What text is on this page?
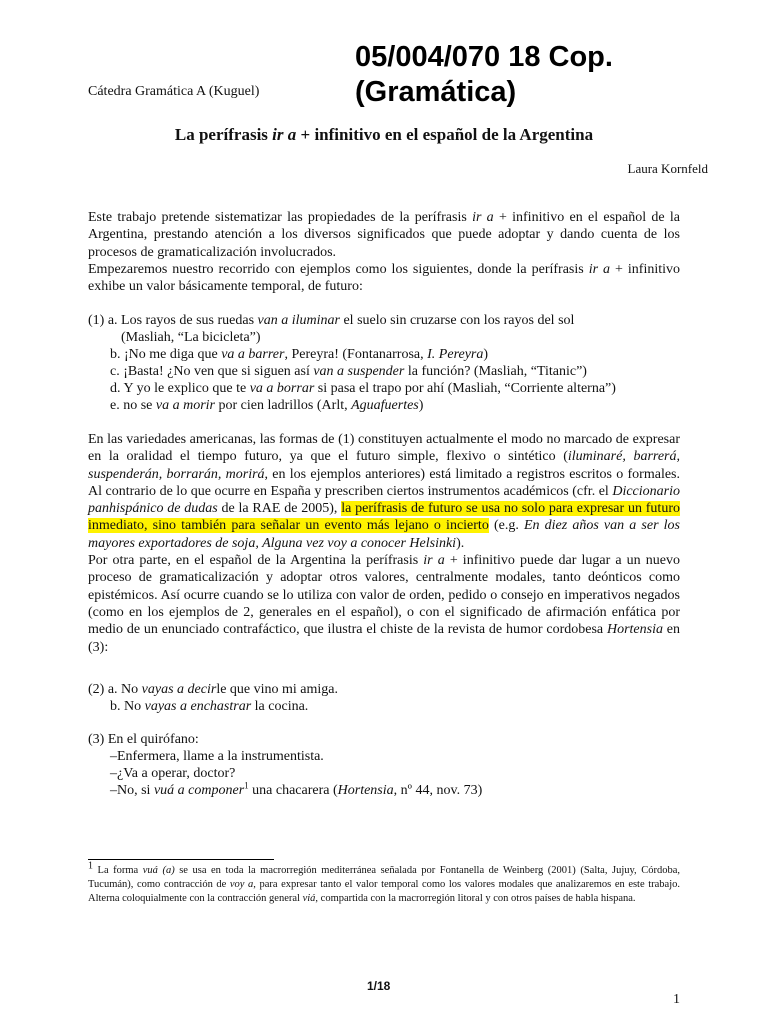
05/004/070 18 Cop.
(Gramática)
Cátedra Gramática A (Kuguel)
La perífrasis ir a + infinitivo en el español de la Argentina
Laura Kornfeld
Este trabajo pretende sistematizar las propiedades de la perífrasis ir a + infinitivo en el español de la Argentina, prestando atención a los diversos significados que puede adoptar y dando cuenta de los procesos de gramaticalización involucrados.
Empezaremos nuestro recorrido con ejemplos como los siguientes, donde la perífrasis ir a + infinitivo exhibe un valor básicamente temporal, de futuro:
(1) a. Los rayos de sus ruedas van a iluminar el suelo sin cruzarse con los rayos del sol
(Masliah, “La bicicleta”)
b. ¡No me diga que va a barrer, Pereyra! (Fontanarrosa, I. Pereyra)
c. ¡Basta! ¿No ven que si siguen así van a suspender la función? (Masliah, “Titanic”)
d. Y yo le explico que te va a borrar si pasa el trapo por ahí (Masliah, “Corriente alterna”)
e. no se va a morir por cien ladrillos (Arlt, Aguafuertes)
En las variedades americanas, las formas de (1) constituyen actualmente el modo no marcado de expresar en la oralidad el tiempo futuro, ya que el futuro simple, flexivo o sintético (iluminaré, barrerá, suspenderán, borrarán, morirá, en los ejemplos anteriores) está limitado a registros escritos o formales. Al contrario de lo que ocurre en España y prescriben ciertos instrumentos académicos (cfr. el Diccionario panhispánico de dudas de la RAE de 2005), la perífrasis de futuro se usa no solo para expresar un futuro inmediato, sino también para señalar un evento más lejano o incierto (e.g. En diez años van a ser los mayores exportadores de soja, Alguna vez voy a conocer Helsinki).
Por otra parte, en el español de la Argentina la perífrasis ir a + infinitivo puede dar lugar a un nuevo proceso de gramaticalización y adoptar otros valores, centralmente modales, tanto deónticos como epistémicos. Así ocurre cuando se lo utiliza con valor de orden, pedido o consejo en imperativos negados (como en los ejemplos de 2, generales en el español), o con el significado de afirmación enfática por medio de un enunciado contrafáctico, que ilustra el chiste de la revista de humor cordobesa Hortensia en (3):
(2) a. No vayas a decirle que vino mi amiga.
b. No vayas a enchastrar la cocina.
(3) En el quirófano:
–Enfermera, llame a la instrumentista.
–¿Va a operar, doctor?
–No, si vuá a componer$^1$ una chacarera (Hortensia, nº 44, nov. 73)
$^1$ La forma vuá (a) se usa en toda la macrorregión mediterránea señalada por Fontanella de Weinberg (2001) (Salta, Jujuy, Córdoba, Tucumán), como contracción de voy a, para expresar tanto el valor temporal como los valores modales que analizaremos en este trabajo. Alterna coloquialmente con la contracción general viá, compartida con la macrorregión litoral y con otros países de habla hispana.
1/18
1
